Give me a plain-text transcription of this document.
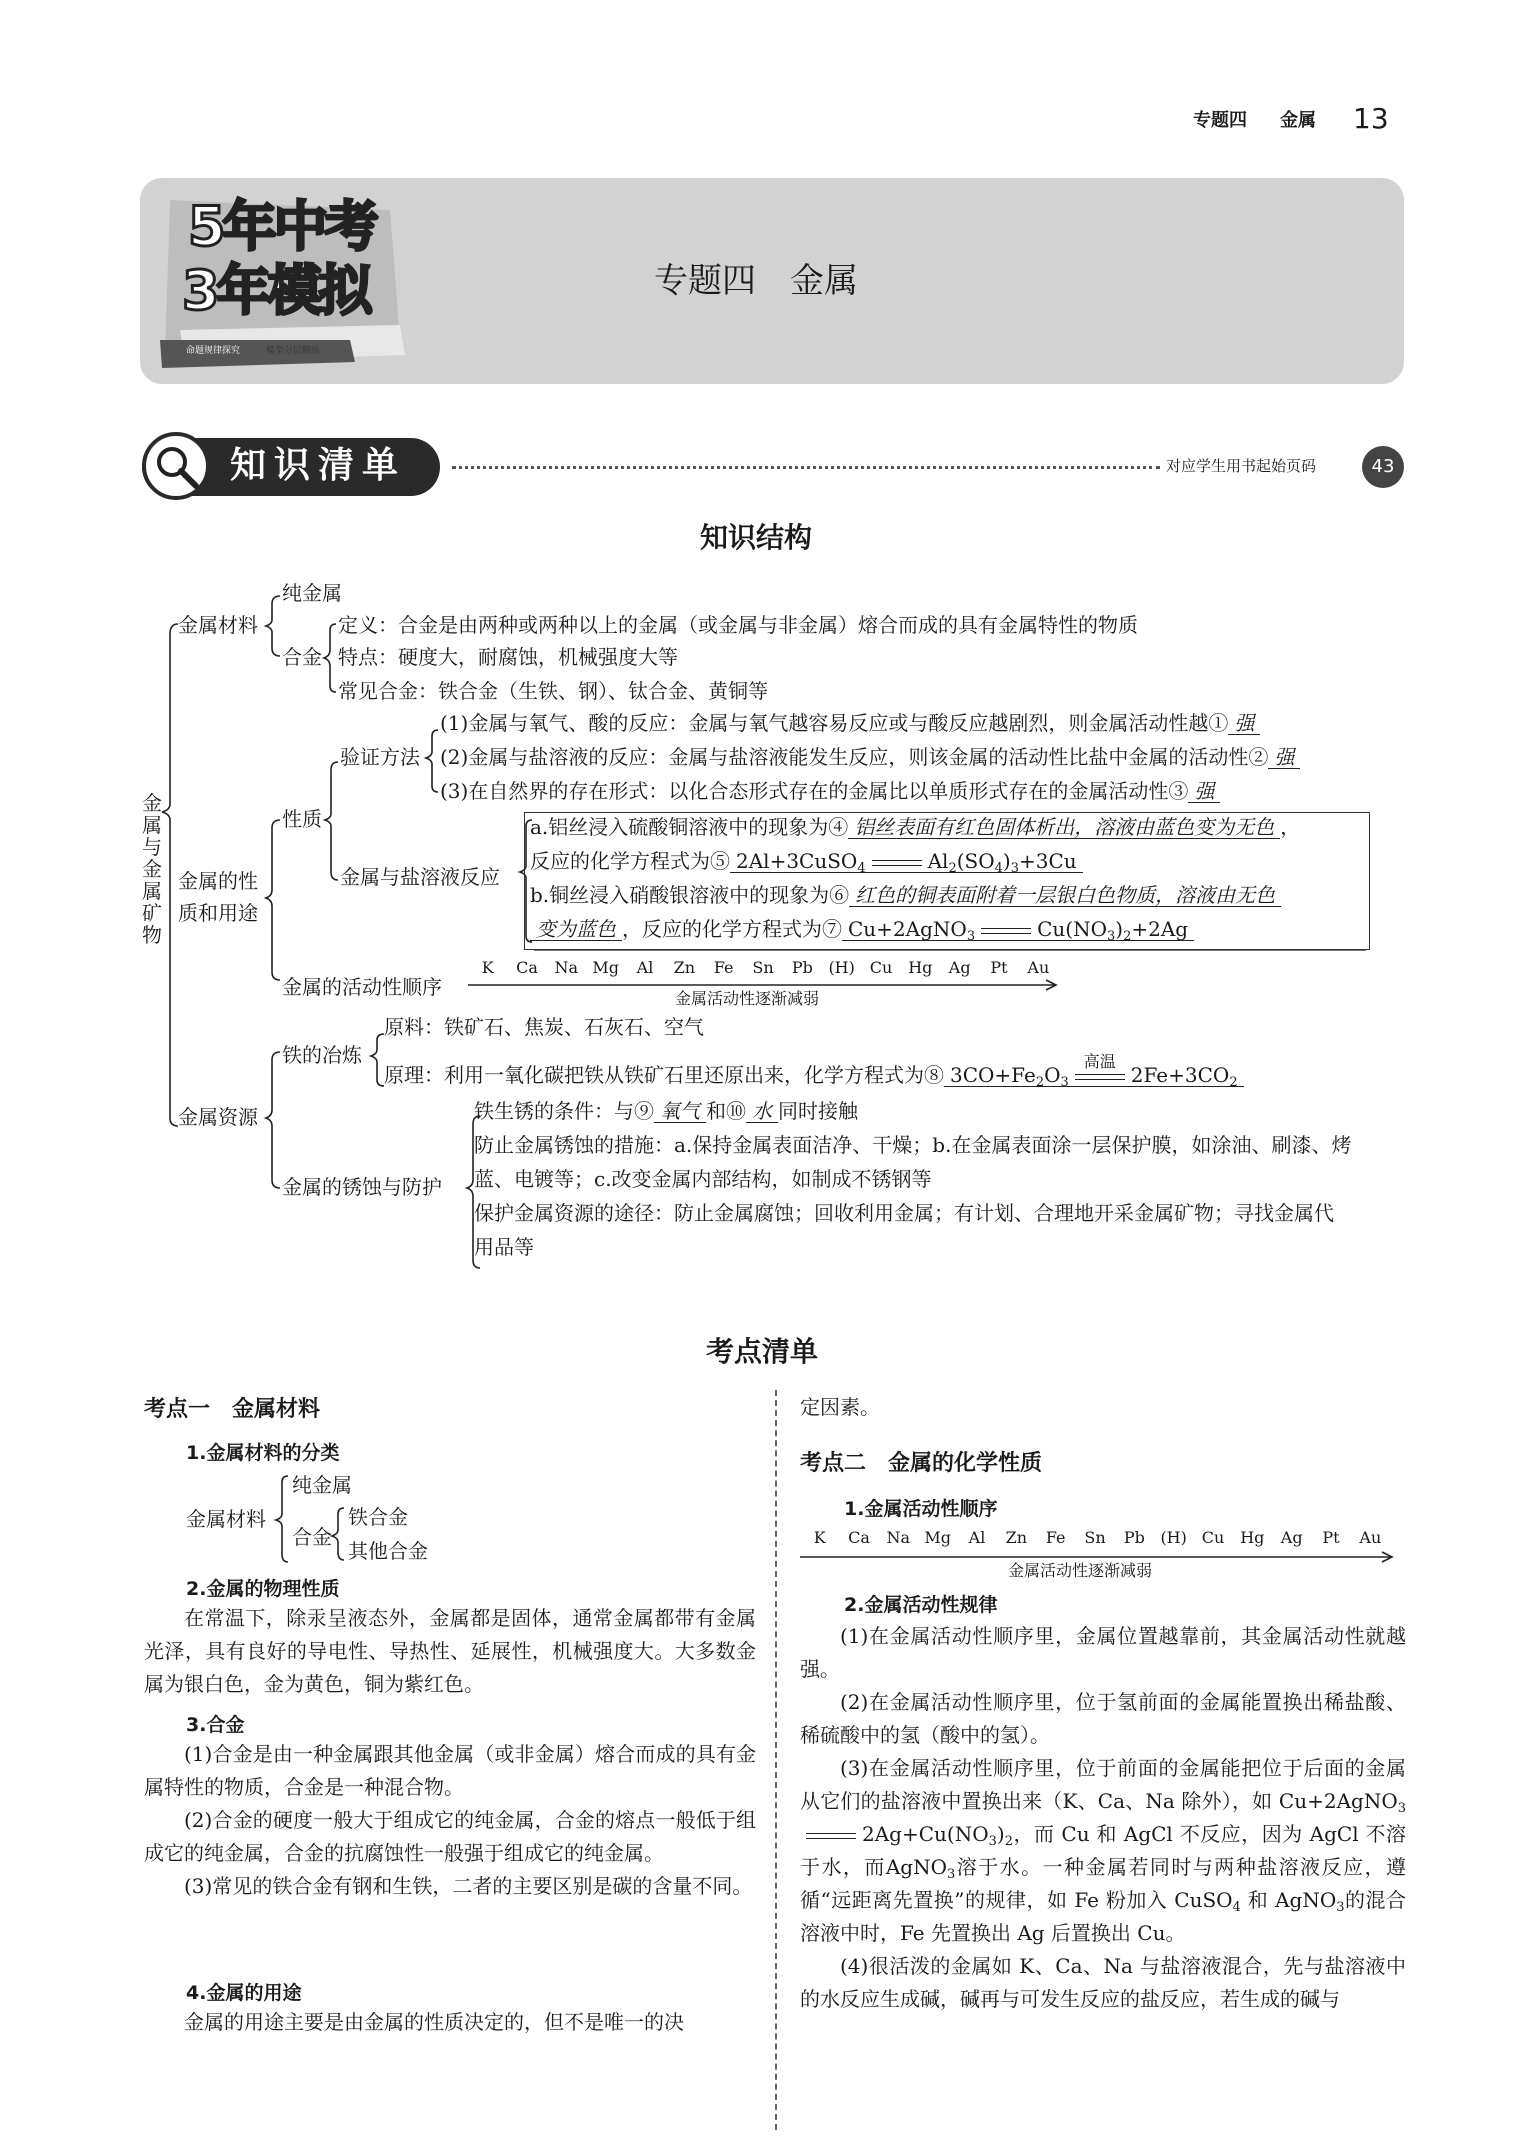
专题四 金属 13
5年中考
3年模拟
命题规律探究	模型分层精练
专题四　金属
知识清单	对应学生用书起始页码	43
知识结构
金属与金属矿物
金属材料
纯金属
合金
定义：合金是由两种或两种以上的金属（或金属与非金属）熔合而成的具有金属特性的物质
特点：硬度大，耐腐蚀，机械强度大等
常见合金：铁合金（生铁、钢）、钛合金、黄铜等
金属的性
质和用途
性质
验证方法
(1)金属与氧气、酸的反应：金属与氧气越容易反应或与酸反应越剧烈，则金属活动性越① 强
(2)金属与盐溶液的反应：金属与盐溶液能发生反应，则该金属的活动性比盐中金属的活动性② 强
(3)在自然界的存在形式：以化合态形式存在的金属比以单质形式存在的金属活动性③ 强
金属与盐溶液反应
a.铝丝浸入硫酸铜溶液中的现象为④ 铝丝表面有红色固体析出，溶液由蓝色变为无色 ，
反应的化学方程式为⑤ 2Al+3CuSO$_4$	$Al_2(SO_4)_3+3Cu$
b.铜丝浸入硝酸银溶液中的现象为⑥ 红色的铜表面附着一层银白色物质，溶液由无色
变为蓝色 ，反应的化学方程式为⑦ Cu+2AgNO$_3$	$Cu(NO_3)_2+2Ag$
金属的活动性顺序
K	Ca	Na Mg	Al	Zn	Fe	Sn	Pb (H) Cu Hg	Ag	Pt	Au
金属活动性逐渐减弱
金属资源
铁的冶炼
原料：铁矿石、焦炭、石灰石、空气
原理：利用一氧化碳把铁从铁矿石里还原出来，化学方程式为⑧ $3CO+Fe_2O_3$
高温
$2Fe+3CO_2$
金属的锈蚀与防护
铁生锈的条件：与⑨ 氧气 和⑩ 水 同时接触
防止金属锈蚀的措施：a.保持金属表面洁净、干燥；b.在金属表面涂一层保护膜，如涂油、刷漆、烤
蓝、电镀等；c.改变金属内部结构，如制成不锈钢等
保护金属资源的途径：防止金属腐蚀；回收利用金属；有计划、合理地开采金属矿物；寻找金属代
用品等
考点清单
考点一　金属材料
1.金属材料的分类
金属材料
纯金属
合金
铁合金
其他合金
2.金属的物理性质

在常温下，除汞呈液态外，金属都是固体，通常金属都带有金属光泽，具有良好的导电性、导热性、延展性，机械强度大。大多数金属为银白色，金为黄色，铜为紫红色。

3.合金

(1)合金是由一种金属跟其他金属（或非金属）熔合而成的具有金属特性的物质，合金是一种混合物。

(2)合金的硬度一般大于组成它的纯金属，合金的熔点一般低于组成它的纯金属，合金的抗腐蚀性一般强于组成它的纯金属。

(3)常见的铁合金有钢和生铁，二者的主要区别是碳的含量不同。

4.金属的用途

金属的用途主要是由金属的性质决定的，但不是唯一的决

定因素。
考点二　金属的化学性质
1.金属活动性顺序
K	Ca	Na Mg	Al	Zn	Fe	Sn	Pb (H) Cu Hg	Ag	Pt	Au
金属活动性逐渐减弱
2.金属活动性规律

(1)在金属活动性顺序里，金属位置越靠前，其金属活动性就越强。

(2)在金属活动性顺序里，位于氢前面的金属能置换出稀盐酸、稀硫酸中的氢（酸中的氢）。

(3)在金属活动性顺序里，位于前面的金属能把位于后面的金属从它们的盐溶液中置换出来（K、Ca、Na 除外），如 $Cu+2AgNO_32Ag+Cu(NO_3)_2$，而 Cu 和 AgCl 不反应，因为 AgCl 不溶于水，而AgNO$_3$溶于水。一种金属若同时与两种盐溶液反应，遵循“远距离先置换”的规律，如 Fe 粉加入 CuSO$_4$ 和 AgNO$_3$的混合溶液中时，Fe 先置换出 Ag 后置换出 Cu。

(4)很活泼的金属如 K、Ca、Na 与盐溶液混合，先与盐溶液中的水反应生成碱，碱再与可发生反应的盐反应，若生成的碱与
